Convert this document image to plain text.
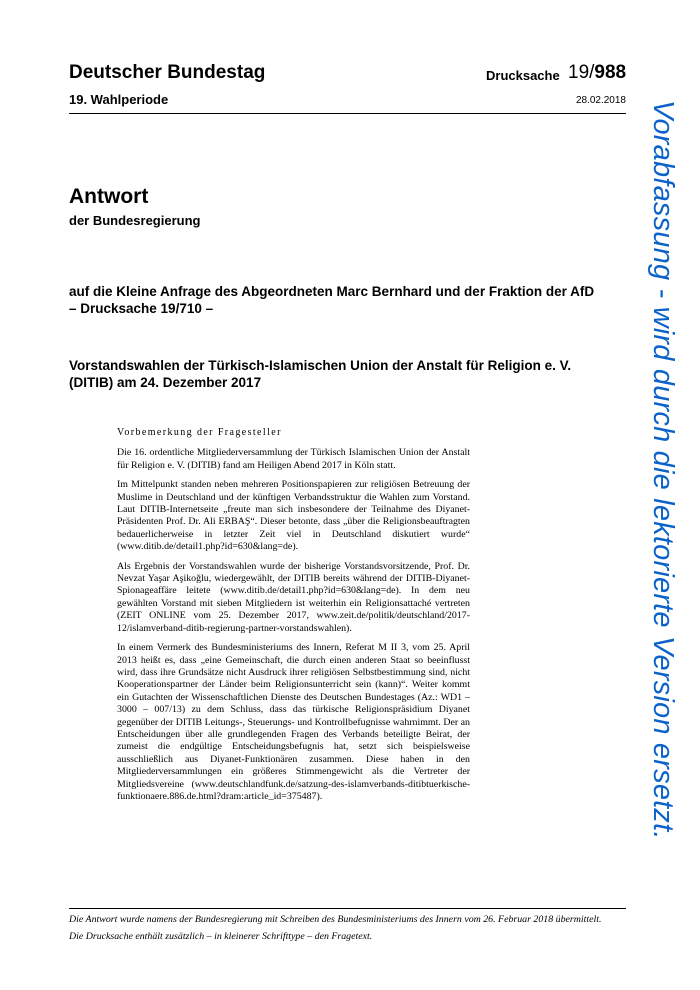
Deutscher Bundestag
19. Wahlperiode
Drucksache 19/988
28.02.2018
Antwort
der Bundesregierung
auf die Kleine Anfrage des Abgeordneten Marc Bernhard und der Fraktion der AfD
– Drucksache 19/710 –
Vorstandswahlen der Türkisch-Islamischen Union der Anstalt für Religion e. V.
(DITIB) am 24. Dezember 2017
Vorbemerkung der Fragesteller

Die 16. ordentliche Mitgliederversammlung der Türkisch Islamischen Union der Anstalt für Religion e. V. (DITIB) fand am Heiligen Abend 2017 in Köln statt.

Im Mittelpunkt standen neben mehreren Positionspapieren zur religiösen Betreuung der Muslime in Deutschland und der künftigen Verbandsstruktur die Wahlen zum Vorstand. Laut DITIB-Internetseite „freute man sich insbesondere der Teilnahme des Diyanet-Präsidenten Prof. Dr. Ali ERBAŞ“. Dieser betonte, dass „über die Religionsbeauftragten bedauerlicherweise in letzter Zeit viel in Deutschland diskutiert wurde“ (www.ditib.de/detail1.php?id=630&lang=de).

Als Ergebnis der Vorstandswahlen wurde der bisherige Vorstandsvorsitzende, Prof. Dr. Nevzat Yaşar Aşikoğlu, wiedergewählt, der DITIB bereits während der DITIB-Diyanet-Spionageaffäre leitete (www.ditib.de/detail1.php?id=630&lang=de). In dem neu gewählten Vorstand mit sieben Mitgliedern ist weiterhin ein Religionsattaché vertreten (ZEIT ONLINE vom 25. Dezember 2017, www.zeit.de/politik/deutschland/2017-12/islamverband-ditib-regierung-partner-vorstandswahlen).

In einem Vermerk des Bundesministeriums des Innern, Referat M II 3, vom 25. April 2013 heißt es, dass „eine Gemeinschaft, die durch einen anderen Staat so beeinflusst wird, dass ihre Grundsätze nicht Ausdruck ihrer religiösen Selbstbestimmung sind, nicht Kooperationspartner der Länder beim Religionsunterricht sein (kann)“. Weiter kommt ein Gutachten der Wissenschaftlichen Dienste des Deutschen Bundestages (Az.: WD1 – 3000 – 007/13) zu dem Schluss, dass das türkische Religionspräsidium Diyanet gegenüber der DITIB Leitungs-, Steuerungs- und Kontrollbefugnisse wahrnimmt. Der an Entscheidungen über alle grundlegenden Fragen des Verbands beteiligte Beirat, der zumeist die endgültige Entscheidungsbefugnis hat, setzt sich beispielsweise ausschließlich aus Diyanet-Funktionären zusammen. Diese haben in den Mitgliederversammlungen ein größeres Stimmengewicht als die Vertreter der Mitgliedsvereine (www.deutschlandfunk.de/satzung-des-islamverbands-ditibtuerkische-funktionaere.886.de.html?dram:article_id=375487).

Die Antwort wurde namens der Bundesregierung mit Schreiben des Bundesministeriums des Innern vom 26. Februar 2018 übermittelt.

Die Drucksache enthält zusätzlich – in kleinerer Schrifttype – den Fragetext.

Vorabfassung - wird durch die lektorierte Version ersetzt.
